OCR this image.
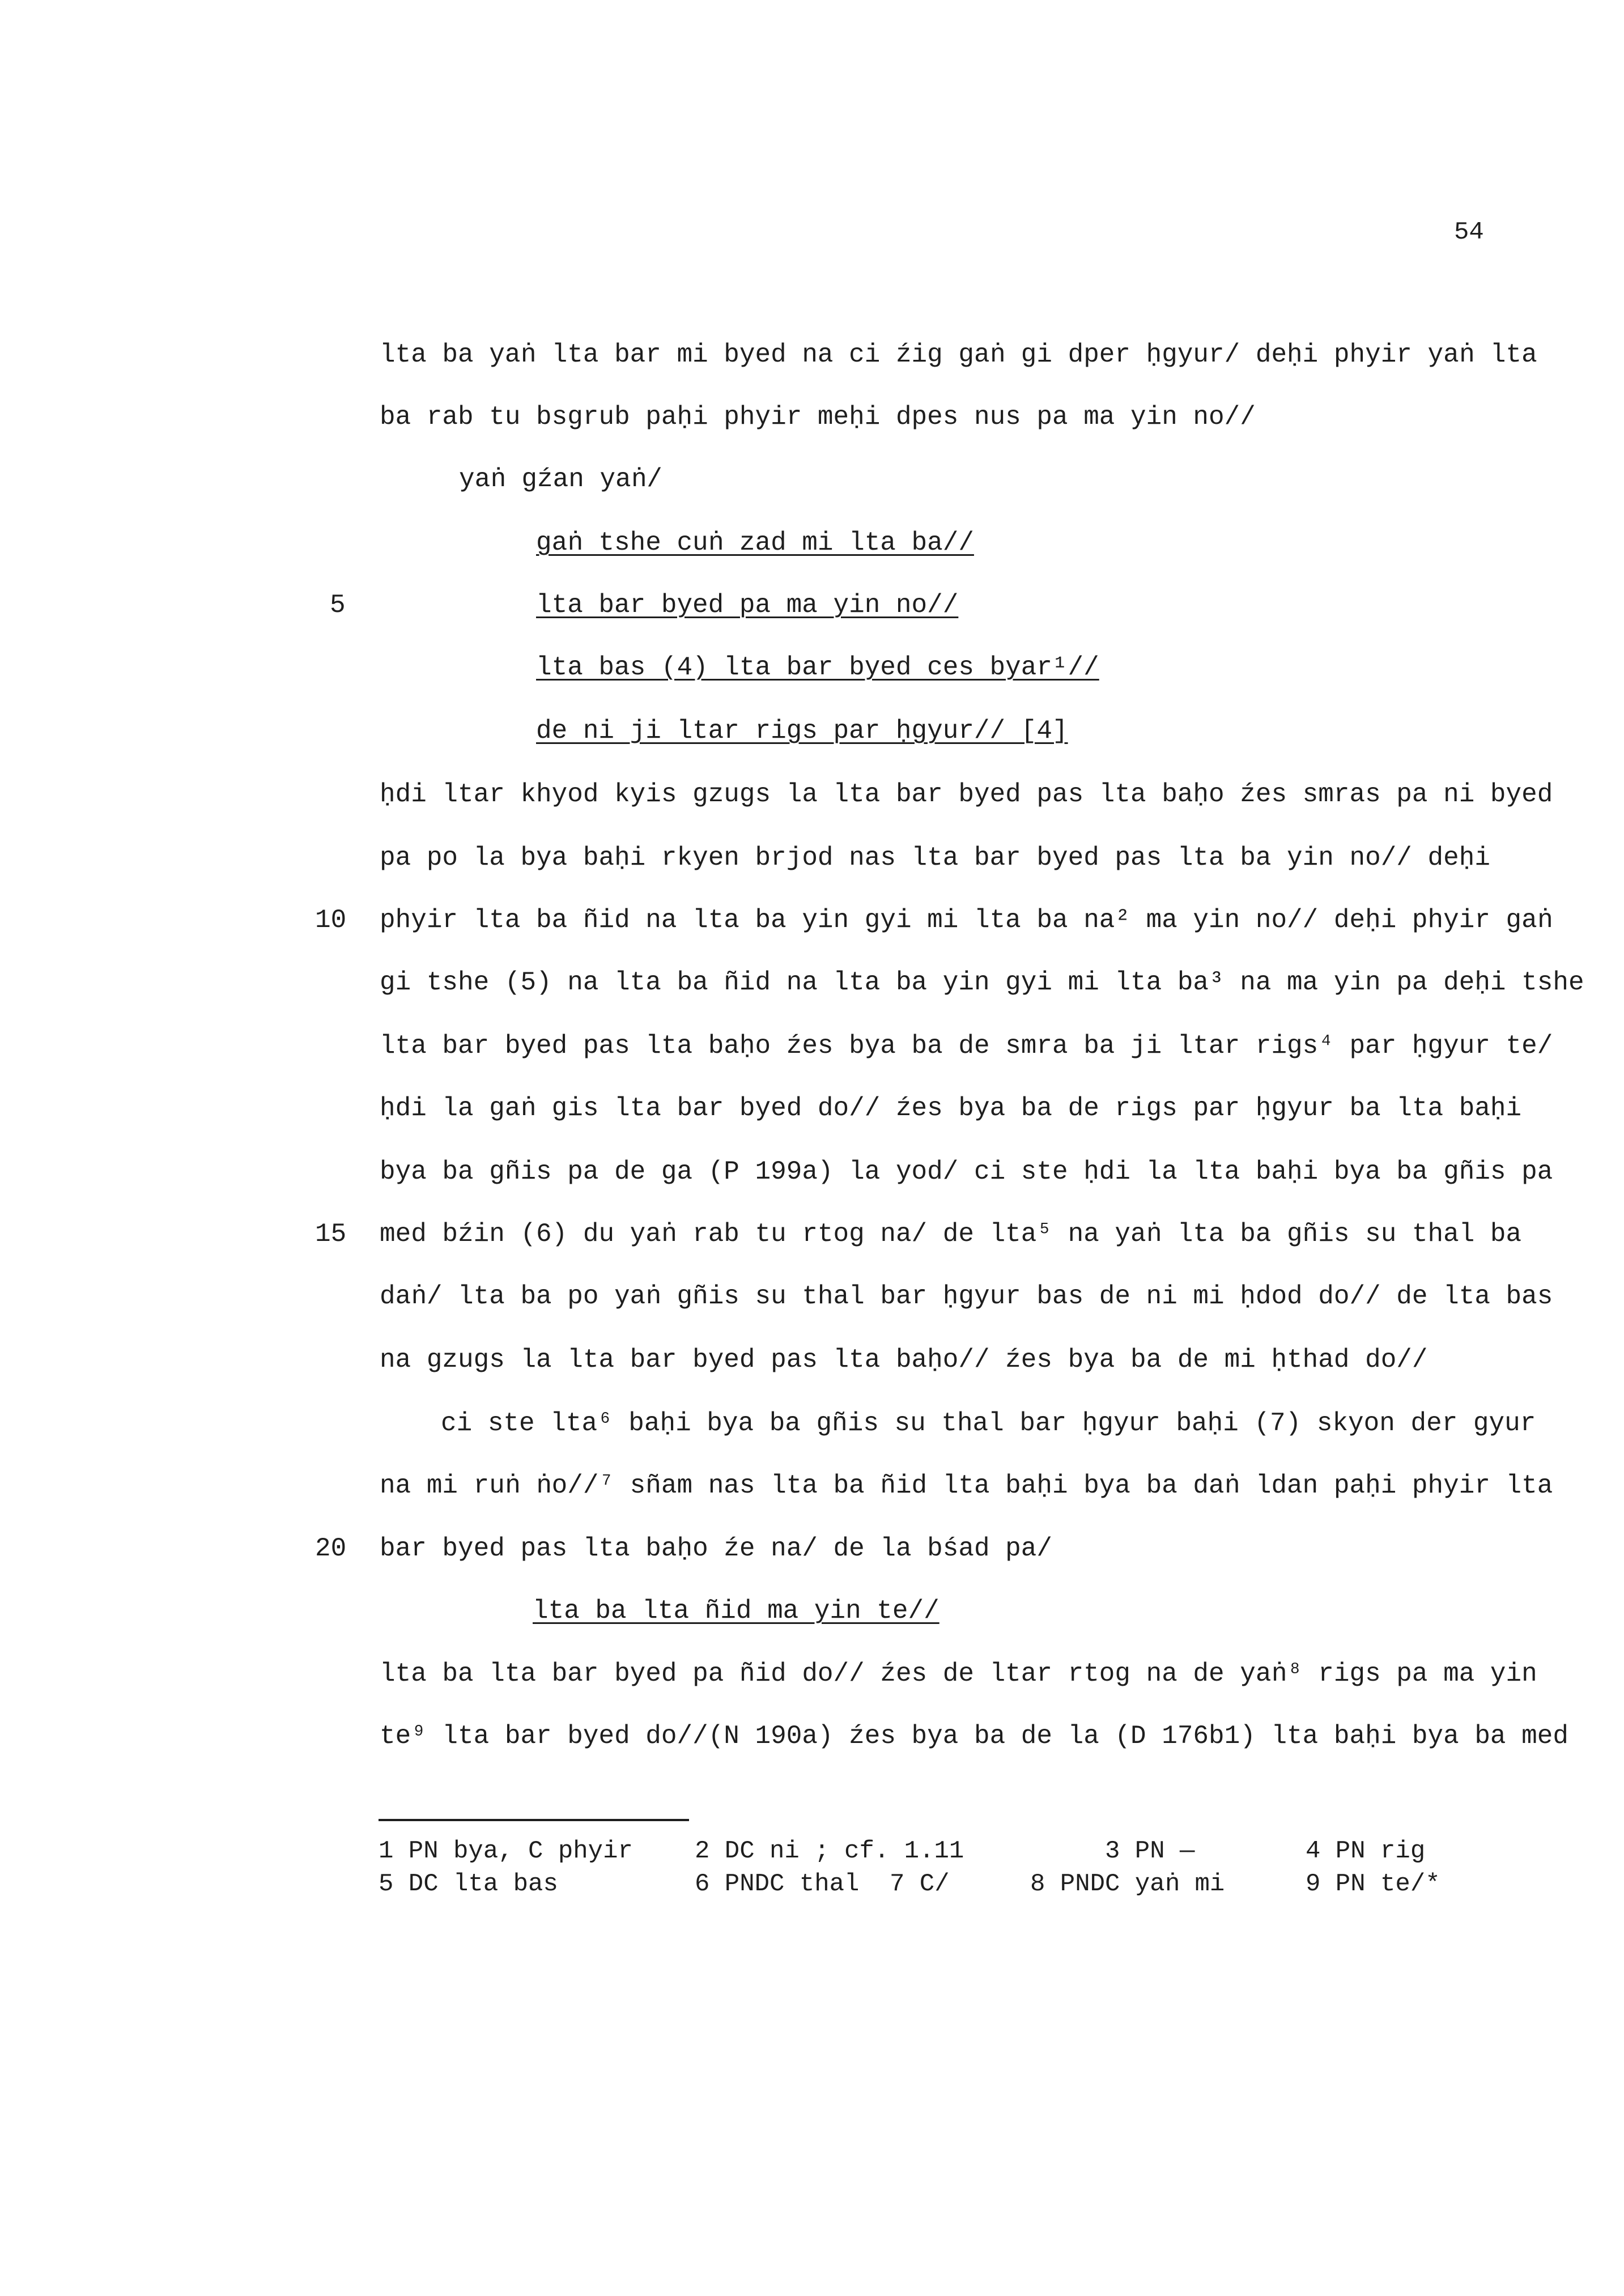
54
5
10
15
20
lta ba yaṅ lta bar mi byed na ci źig gaṅ gi dper ḥgyur/ deḥi phyir yaṅ lta
ba rab tu bsgrub paḥi phyir meḥi dpes nus pa ma yin no//
yaṅ gźan yaṅ/
gaṅ tshe cuṅ zad mi lta ba//
lta bar byed pa ma yin no//
lta bas (4) lta bar byed ces byar¹//
de ni ji ltar rigs par ḥgyur// [4]
ḥdi ltar khyod kyis gzugs la lta bar byed pas lta baḥo źes smras pa ni byed
pa po la bya baḥi rkyen brjod nas lta bar byed pas lta ba yin no// deḥi
phyir lta ba ñid na lta ba yin gyi mi lta ba na² ma yin no// deḥi phyir gaṅ
gi tshe (5) na lta ba ñid na lta ba yin gyi mi lta ba³ na ma yin pa deḥi tshe
lta bar byed pas lta baḥo źes bya ba de smra ba ji ltar rigs⁴ par ḥgyur te/
ḥdi la gaṅ gis lta bar byed do// źes bya ba de rigs par ḥgyur ba lta baḥi
bya ba gñis pa de ga (P 199a) la yod/ ci ste ḥdi la lta baḥi bya ba gñis pa
med bźin (6) du yaṅ rab tu rtog na/ de lta⁵ na yaṅ lta ba gñis su thal ba
daṅ/ lta ba po yaṅ gñis su thal bar ḥgyur bas de ni mi ḥdod do// de lta bas
na gzugs la lta bar byed pas lta baḥo// źes bya ba de mi ḥthad do//
ci ste lta⁶ baḥi bya ba gñis su thal bar ḥgyur baḥi (7) skyon der gyur
na mi ruṅ ṅo//⁷ sñam nas lta ba ñid lta baḥi bya ba daṅ ldan paḥi phyir lta
bar byed pas lta baḥo źe na/ de la bśad pa/
lta ba lta ñid ma yin te//
lta ba lta bar byed pa ñid do// źes de ltar rtog na de yaṅ⁸ rigs pa ma yin
te⁹ lta bar byed do//(N 190a) źes bya ba de la (D 176b1) lta baḥi bya ba med
1 PN bya, C phyir
5 DC lta bas
2 DC ni ; cf. 1.11
6 PNDC thal
3 PN —
7 C/	8 PNDC yaṅ mi
4 PN rig
9 PN te/*
